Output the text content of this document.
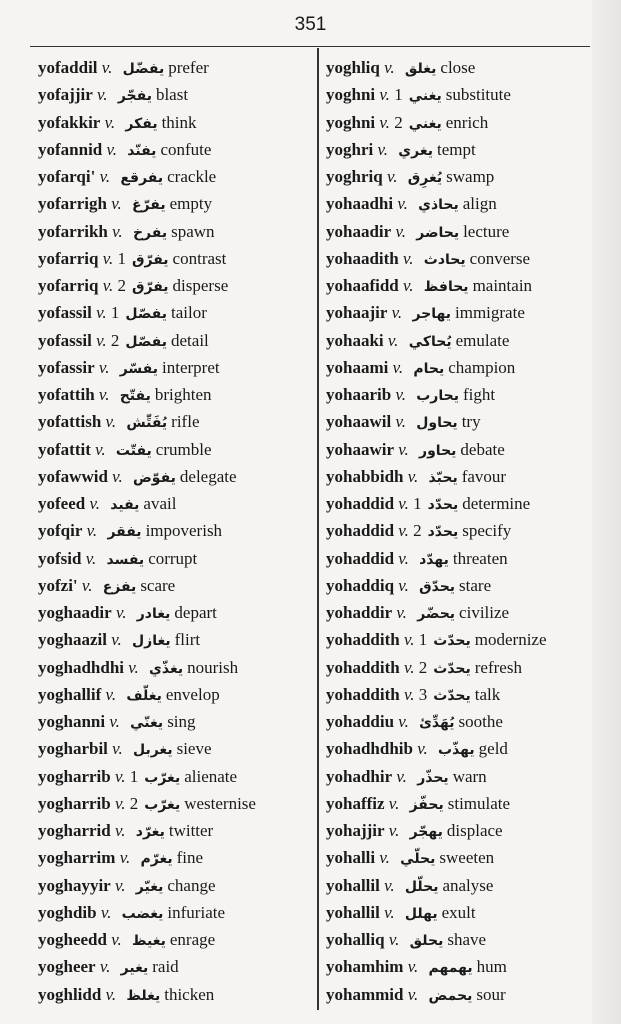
351
yofaddil v. يفضّل prefer
yofajjir v. يفجّر blast
yofakkir v. يفكر think
yofannid v. يفنّد confute
yofarqi' v. يفرقع crackle
yofarrigh v. يفرّغ empty
yofarrikh v. يفرخ spawn
yofarriq v. 1 يفرّق contrast
yofarriq v. 2 يفرّق disperse
yofassil v. 1 يفصّل tailor
yofassil v. 2 يفصّل detail
yofassir v. يفسّر interpret
yofattih v. يفتّح brighten
yofattish v. يُفَتِّش rifle
yofattit v. يفتّت crumble
yofawwid v. يفوّض delegate
yofeed v. يفيد avail
yofqir v. يفقر impoverish
yofsid v. يفسد corrupt
yofzi' v. يفزع scare
yoghaadir v. يغادر depart
yoghaazil v. يغازل flirt
yoghadhdhi v. يغذّي nourish
yoghallif v. يغلّف envelop
yoghanni v. يغنّي sing
yogharbil v. يغربل sieve
yogharrib v. 1 يغرّب alienate
yogharrib v. 2 يغرّب westernise
yogharrid v. يغرّد twitter
yogharrim v. يغرّم fine
yoghayyir v. يغيّر change
yoghdib v. يغضب infuriate
yogheedd v. يغيظ enrage
yogheer v. يغير raid
yoghlidd v. يغلظ thicken
yoghliq v. يغلق close
yoghni v. 1 يغني substitute
yoghni v. 2 يغني enrich
yoghri v. يغري tempt
yoghriq v. يُغرِق swamp
yohaadhi v. يحاذي align
yohaadir v. يحاضر lecture
yohaadith v. يحادث converse
yohaafidd v. يحافظ maintain
yohaajir v. يهاجر immigrate
yohaaki v. يُحاكي emulate
yohaami v. يحام champion
yohaarib v. يحارب fight
yohaawil v. يحاول try
yohaawir v. يحاور debate
yohabbidh v. يحبّذ favour
yohaddid v. 1 يحدّد determine
yohaddid v. 2 يحدّد specify
yohaddid v. يهدّد threaten
yohaddiq v. يحدّق stare
yohaddir v. يحضّر civilize
yohaddith v. 1 يحدّث modernize
yohaddith v. 2 يحدّث refresh
yohaddith v. 3 يحدّث talk
yohaddiu v. يُهَدِّئ soothe
yohadhdhib v. يهذّب geld
yohadhir v. يحذّر warn
yohaffiz v. يحفّز stimulate
yohajjir v. يهجّر displace
yohalli v. يحلّي sweeten
yohallil v. يحلّل analyse
yohallil v. يهلل exult
yohalliq v. يحلق shave
yohamhim v. يهمهم hum
yohammid v. يحمض sour
